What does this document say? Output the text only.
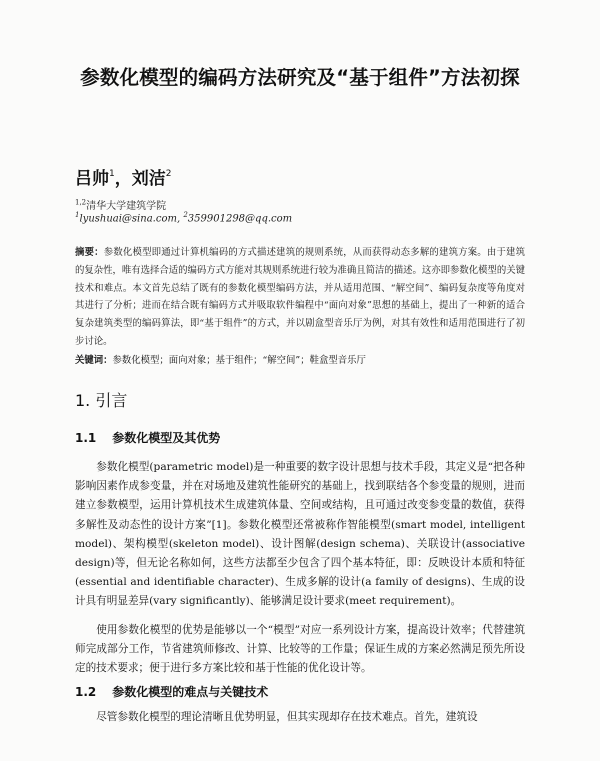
参数化模型的编码方法研究及“基于组件”方法初探
吕帅$^1$，刘洁$^2$
$^{1,2}$清华大学建筑学院
$^1$lyushuai@sina.com, $^2$359901298@qq.com
摘要：参数化模型即通过计算机编码的方式描述建筑的规则系统，从而获得动态多解的建筑方案。由于建筑的复杂性，唯有选择合适的编码方式方能对其规则系统进行较为准确且简洁的描述。这亦即参数化模型的关键技术和难点。本文首先总结了既有的参数化模型编码方法，并从适用范围、“解空间”、编码复杂度等角度对其进行了分析；进而在结合既有编码方式并吸取软件编程中“面向对象”思想的基础上，提出了一种新的适合复杂建筑类型的编码算法，即“基于组件”的方式，并以剧盒型音乐厅为例，对其有效性和适用范围进行了初步讨论。
关键词：参数化模型；面向对象；基于组件；“解空间”；鞋盒型音乐厅
1. 引言
1.1 参数化模型及其优势
参数化模型(parametric model)是一种重要的数字设计思想与技术手段，其定义是“把各种影响因素作成参变量，并在对场地及建筑性能研究的基础上，找到联结各个参变量的规则，进而建立参数模型，运用计算机技术生成建筑体量、空间或结构，且可通过改变参变量的数值，获得多解性及动态性的设计方案”[1]。参数化模型还常被称作智能模型(smart model, intelligent model)、架构模型(skeleton model)、设计图解(design schema)、关联设计(associative design)等，但无论名称如何，这些方法都至少包含了四个基本特征，即：反映设计本质和特征(essential and identifiable character)、生成多解的设计(a family of designs)、生成的设计具有明显差异(vary significantly)、能够满足设计要求(meet requirement)。
使用参数化模型的优势是能够以一个“模型”对应一系列设计方案，提高设计效率；代替建筑师完成部分工作，节省建筑师修改、计算、比较等的工作量；保证生成的方案必然满足预先所设定的技术要求；便于进行多方案比较和基于性能的优化设计等。
1.2 参数化模型的难点与关键技术
尽管参数化模型的理论清晰且优势明显，但其实现却存在技术难点。首先，建筑设
